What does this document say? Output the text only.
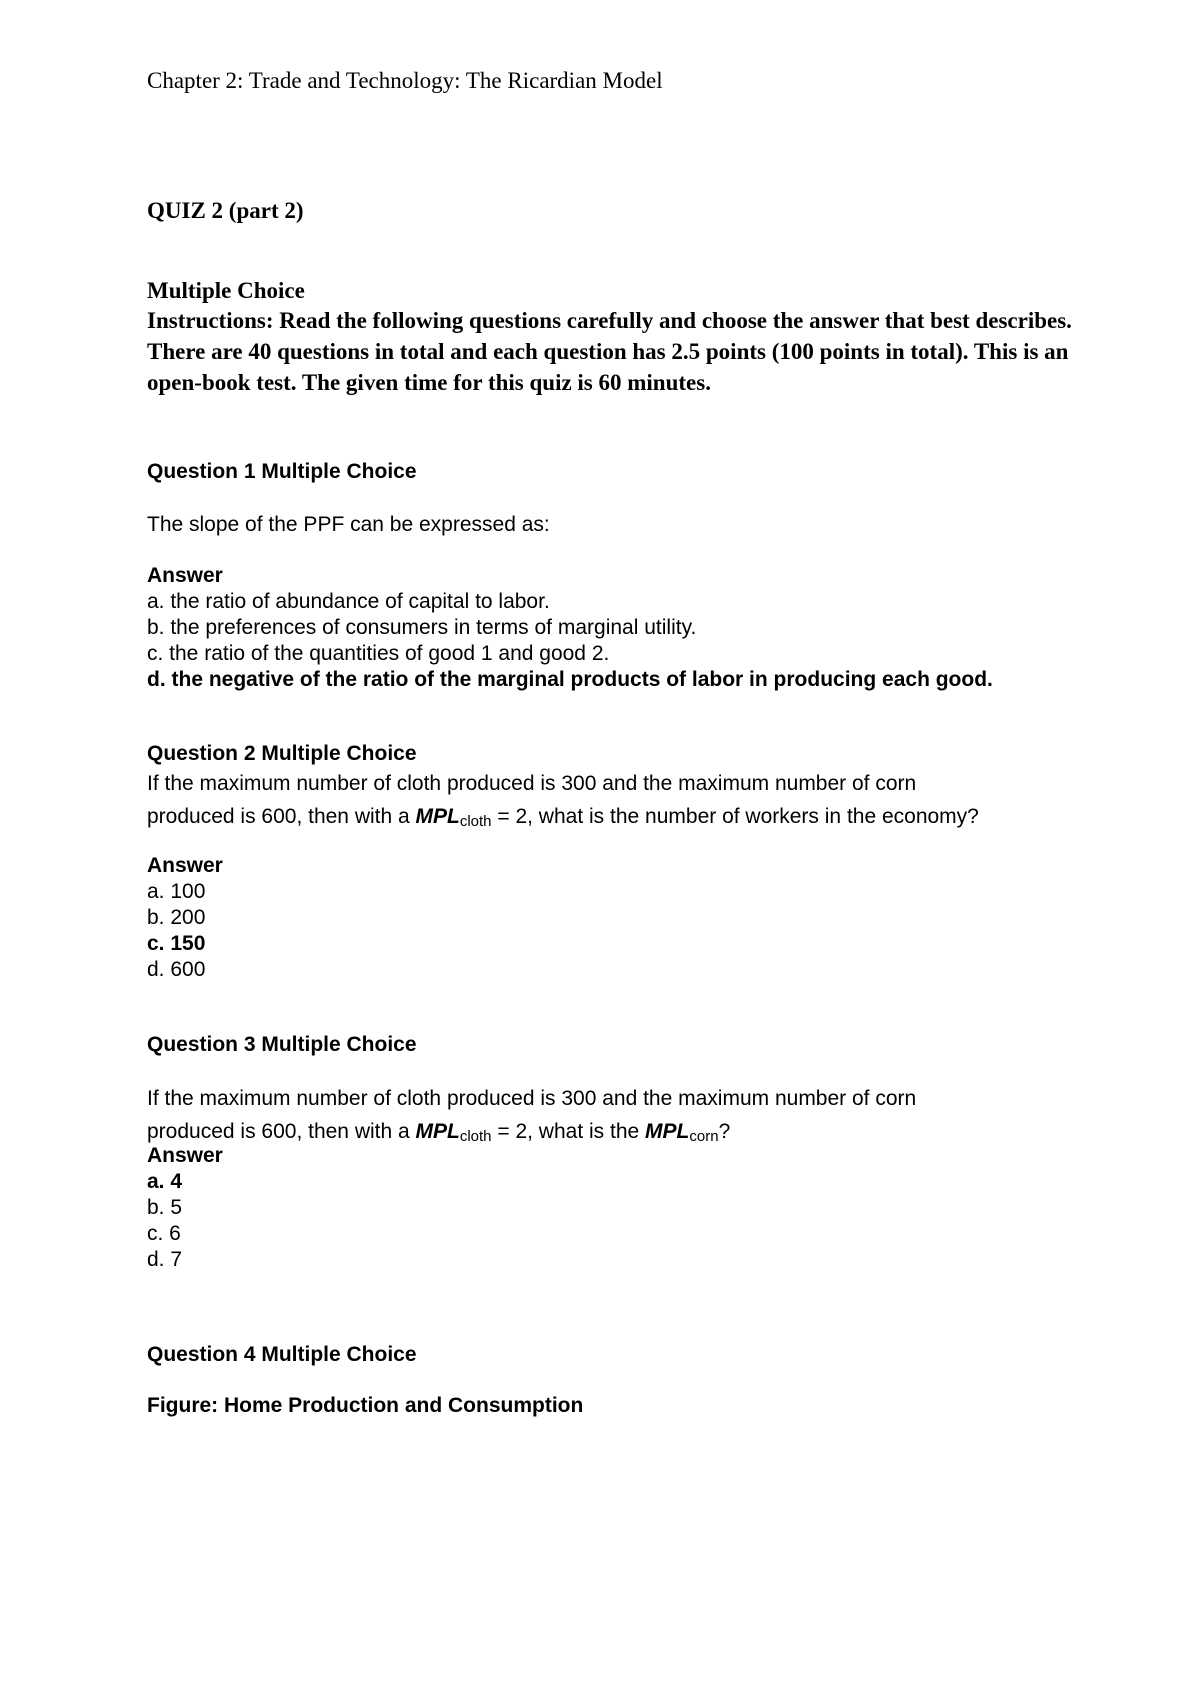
Chapter 2: Trade and Technology: The Ricardian Model
QUIZ 2 (part 2)
Multiple Choice
Instructions: Read the following questions carefully and choose the answer that best describes. There are 40 questions in total and each question has 2.5 points (100 points in total). This is an open-book test. The given time for this quiz is 60 minutes.
Question 1 Multiple Choice
The slope of the PPF can be expressed as:
Answer
a. the ratio of abundance of capital to labor.
b. the preferences of consumers in terms of marginal utility.
c. the ratio of the quantities of good 1 and good 2.
d. the negative of the ratio of the marginal products of labor in producing each good.
Question 2 Multiple Choice
If the maximum number of cloth produced is 300 and the maximum number of corn
produced is 600, then with a $MPL_{cloth} = 2$, what is the number of workers in the economy?
Answer
a. 100
b. 200
c. 150
d. 600
Question 3 Multiple Choice
If the maximum number of cloth produced is 300 and the maximum number of corn
produced is 600, then with a $MPL_{cloth} = 2$, what is the $MPL_{corn}$?
Answer
a. 4
b. 5
c. 6
d. 7
Question 4 Multiple Choice
Figure: Home Production and Consumption
